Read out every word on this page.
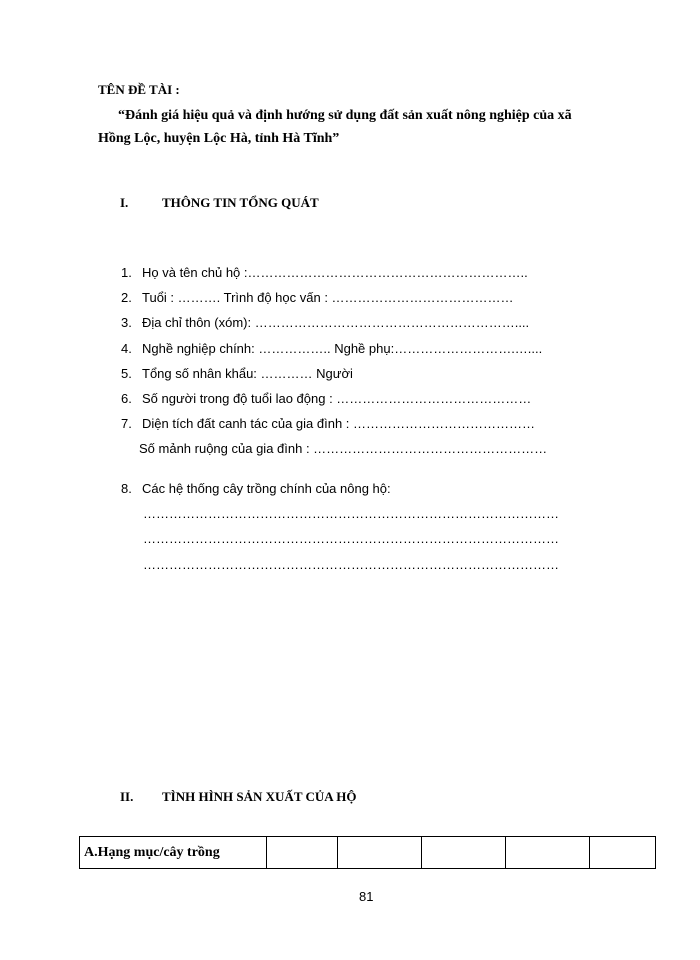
TÊN ĐỀ TÀI :
“Đánh giá hiệu quả và định hướng sử dụng đất sản xuất nông nghiệp của xã
Hồng Lộc, huyện Lộc Hà, tỉnh Hà Tĩnh”
I.	THÔNG TIN TỔNG QUÁT
1. Họ và tên chủ hộ :………………………………………………………..
2. Tuổi : ………. Trình độ học vấn : ……………………………………
3. Địa chỉ thôn (xóm): ……………………………………………………....
4. Nghề nghiệp chính: …………….. Nghề phụ:……………………….…....
5. Tổng số nhân khẩu: ………… Người
6. Số người trong độ tuổi lao động : ………………………………………
7. Diện tích đất canh tác của gia đình : ……………………………………
Số mảnh ruộng của gia đình : ………………………………………………
8. Các hệ thống cây trồng chính của nông hộ:
……………………………………………………………………………………
……………………………………………………………………………………
……………………………………………………………………………………
II. TÌNH HÌNH SẢN XUẤT CỦA HỘ
A.Hạng mục/cây trồng					
81
